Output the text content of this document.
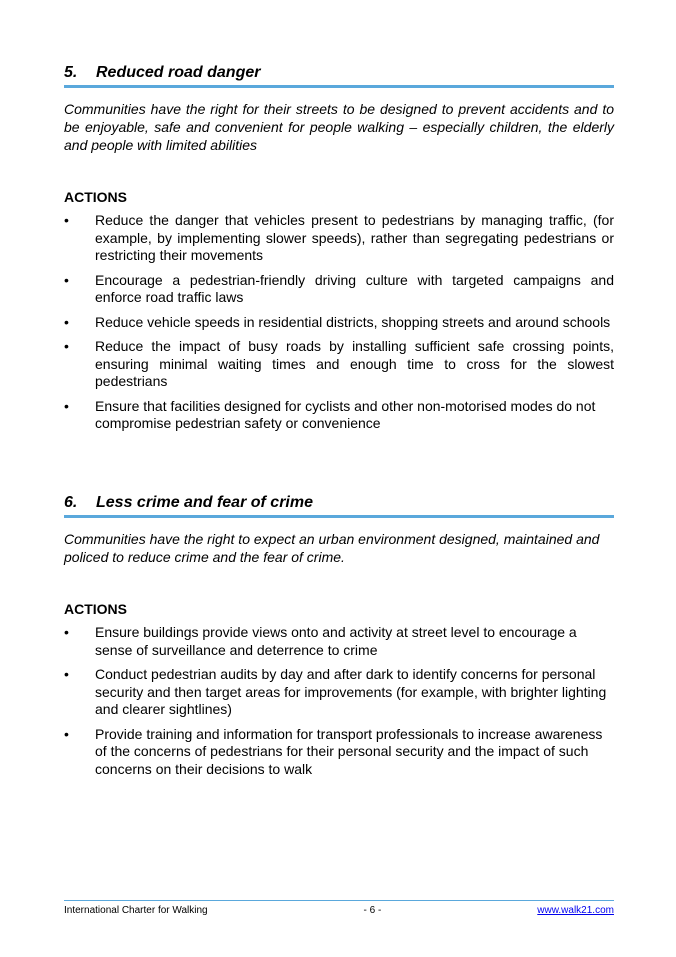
5.	Reduced road danger
Communities have the right for their streets to be designed to prevent accidents and to be enjoyable, safe and convenient for people walking – especially children, the elderly and people with limited abilities
ACTIONS
•	Reduce the danger that vehicles present to pedestrians by managing traffic, (for example, by implementing slower speeds), rather than segregating pedestrians or restricting their movements
•	Encourage a pedestrian-friendly driving culture with targeted campaigns and enforce road traffic laws
•	Reduce vehicle speeds in residential districts, shopping streets and around schools
•	Reduce the impact of busy roads by installing sufficient safe crossing points, ensuring minimal waiting times and enough time to cross for the slowest pedestrians
•	Ensure that facilities designed for cyclists and other non-motorised modes do not compromise pedestrian safety or convenience
6.	Less crime and fear of crime
Communities have the right to expect an urban environment designed, maintained and policed to reduce crime and the fear of crime.
ACTIONS
•	Ensure buildings provide views onto and activity at street level to encourage a sense of surveillance and deterrence to crime
•	Conduct pedestrian audits by day and after dark to identify concerns for personal security and then target areas for improvements (for example, with brighter lighting and clearer sightlines)
•	Provide training and information for transport professionals to increase awareness of the concerns of pedestrians for their personal security and the impact of such concerns on their decisions to walk
International Charter for Walking	- 6 -	www.walk21.com
